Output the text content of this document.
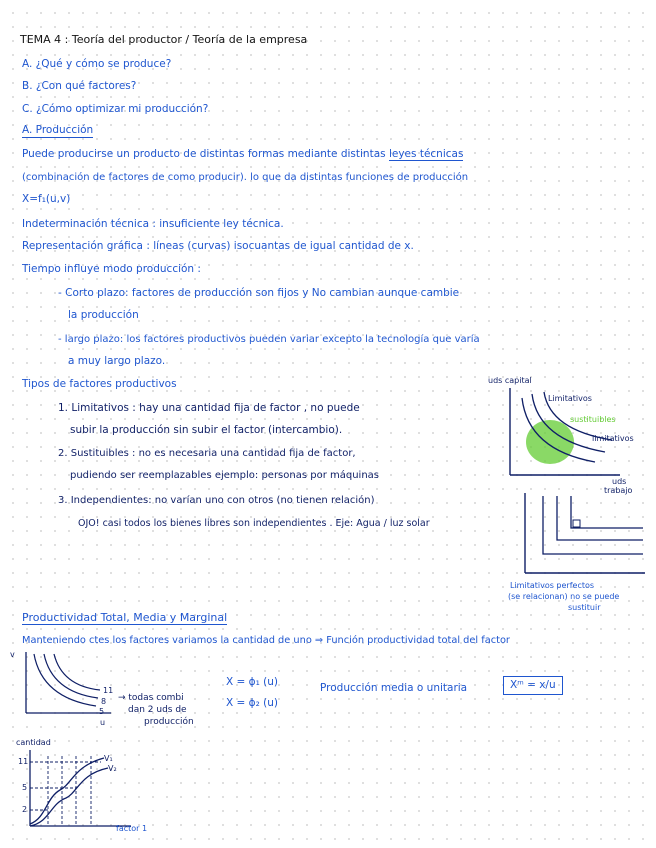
TEMA 4 : Teoría del productor / Teoría de la empresa
A. ¿Qué y cómo se produce?
B. ¿Con qué factores?
C. ¿Cómo optimizar mi producción?
A. Producción
Puede producirse un producto de distintas formas mediante distintas leyes técnicas
(combinación de factores de como producir). lo que da distintas funciones de producción
X=f₁(u,v)
Indeterminación técnica : insuficiente ley técnica.
Representación gráfica : líneas (curvas) isocuantas de igual cantidad de x.
Tiempo influye modo producción :
- Corto plazo: factores de producción son fijos y No cambian aunque cambie
la producción
- largo plazo: los factores productivos pueden variar excepto la tecnología que varía
a muy largo plazo.
Tipos de factores productivos
1. Limitativos : hay una cantidad fija de factor , no puede
subir la producción sin subir el factor (intercambio).
2. Sustituibles : no es necesaria una cantidad fija de factor,
pudiendo ser reemplazables ejemplo: personas por máquinas
3. Independientes: no varían uno con otros (no tienen relación)
OJO! casi todos los bienes libres son independientes . Eje: Agua / luz solar
uds capital
Limitativos
sustituibles
limitativos
uds
trabajo
Limitativos perfectos
(se relacionan) no se puede
sustituir
Productividad Total, Media y Marginal
Manteniendo ctes los factores variamos la cantidad de uno ⇒ Función productividad total del factor
v
u
11
8
5
→ todas combi
dan 2 uds de
producción
X = ϕ₁ (u)
X = ϕ₂ (u)
Producción media o unitaria	Xᵐ = x/u
cantidad
11
5
2
V₁
V₂
factor 1
